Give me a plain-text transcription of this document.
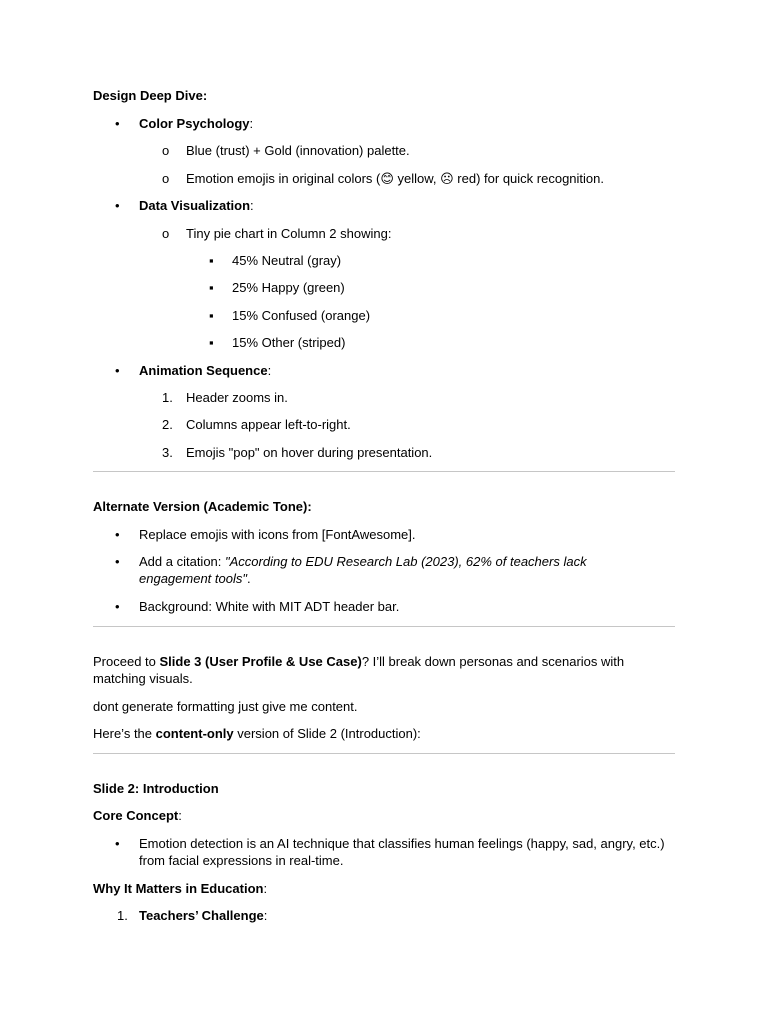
Design Deep Dive:
• Color Psychology:
o Blue (trust) + Gold (innovation) palette.
o Emotion emojis in original colors (😊 yellow, ☹ red) for quick recognition.
• Data Visualization:
o Tiny pie chart in Column 2 showing:
▪ 45% Neutral (gray)
▪ 25% Happy (green)
▪ 15% Confused (orange)
▪ 15% Other (striped)
• Animation Sequence:
1. Header zooms in.
2. Columns appear left-to-right.
3. Emojis "pop" on hover during presentation.
Alternate Version (Academic Tone):
• Replace emojis with icons from [FontAwesome].
• Add a citation: "According to EDU Research Lab (2023), 62% of teachers lack engagement tools".
• Background: White with MIT ADT header bar.
Proceed to Slide 3 (User Profile & Use Case)? I’ll break down personas and scenarios with matching visuals.
dont generate formatting just give me content.
Here’s the content-only version of Slide 2 (Introduction):
Slide 2: Introduction
Core Concept:
• Emotion detection is an AI technique that classifies human feelings (happy, sad, angry, etc.) from facial expressions in real-time.
Why It Matters in Education:
1. Teachers’ Challenge:
